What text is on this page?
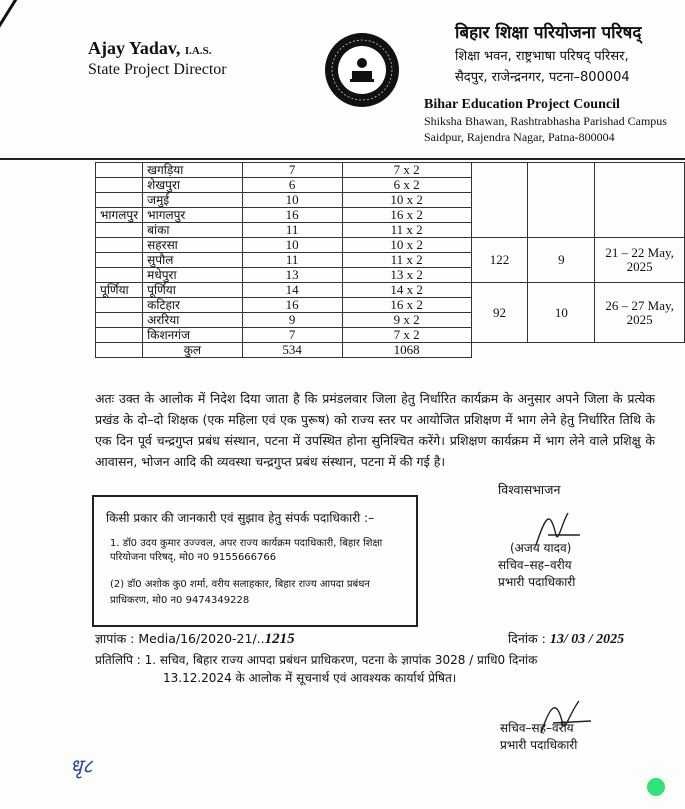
Ajay Yadav, I.A.S.
State Project Director
बिहार शिक्षा परियोजना परिषद्
शिक्षा भवन, राष्ट्रभाषा परिषद् परिसर,
सैदपुर, राजेन्द्रनगर, पटना–800004
Bihar Education Project Council
Shiksha Bhawan, Rashtrabhasha Parishad Campus
Saidpur, Rajendra Nagar, Patna-800004
	खगड़िया	7	7 x 2			
	शेखपुरा	6	6 x 2			
	जमुई	10	10 x 2			
भागलपुर	भागलपुर	16	16 x 2			
	बांका	11	11 x 2			
	सहरसा	10	10 x 2	122	9	21 – 22 May, 2025
	सुपौल	11	11 x 2			
	मधेपुरा	13	13 x 2			
पूर्णिया	पूर्णिया	14	14 x 2	92	10	26 – 27 May, 2025
	कटिहार	16	16 x 2			
	अररिया	9	9 x 2			
	किशनगंज	7	7 x 2			
	कुल	534	1068			
अतः उक्त के आलोक में निदेश दिया जाता है कि प्रमंडलवार जिला हेतु निर्धारित कार्यक्रम के अनुसार अपने जिला के प्रत्येक प्रखंड के दो–दो शिक्षक (एक महिला एवं एक पुरूष) को राज्य स्तर पर आयोजित प्रशिक्षण में भाग लेने हेतु निर्धारित तिथि के एक दिन पूर्व चन्द्रगुप्त प्रबंध संस्थान, पटना में उपस्थित होना सुनिश्चित करेंगे। प्रशिक्षण कार्यक्रम में भाग लेने वाले प्रशिक्षु के आवासन, भोजन आदि की व्यवस्था चन्द्रगुप्त प्रबंध संस्थान, पटना में की गई है।
विश्वासभाजन
किसी प्रकार की जानकारी एवं सुझाव हेतु संपर्क पदाधिकारी :–
1. डॉ0 उदय कुमार उज्ज्वल, अपर राज्य कार्यक्रम पदाधिकारी, बिहार शिक्षा परियोजना परिषद्, मो0 न0 9155666766
(2) डॉ0 अशोक कु0 शर्मा, वरीय सलाहकार, बिहार राज्य आपदा प्रबंधन प्राधिकरण, मो0 न0 9474349228
(अजय यादव)
सचिव–सह–वरीय
प्रभारी पदाधिकारी
ज्ञापांक : Media/16/2020-21/..1215	दिनांक : 13/ 03 / 2025
प्रतिलिपि : 1. सचिव, बिहार राज्य आपदा प्रबंधन प्राधिकरण, पटना के ज्ञापांक 3028 / प्राधि0 दिनांक
13.12.2024 के आलोक में सूचनार्थ एवं आवश्यक कार्यार्थ प्रेषित।
सचिव–सह–वरीय
प्रभारी पदाधिकारी
धृ८
